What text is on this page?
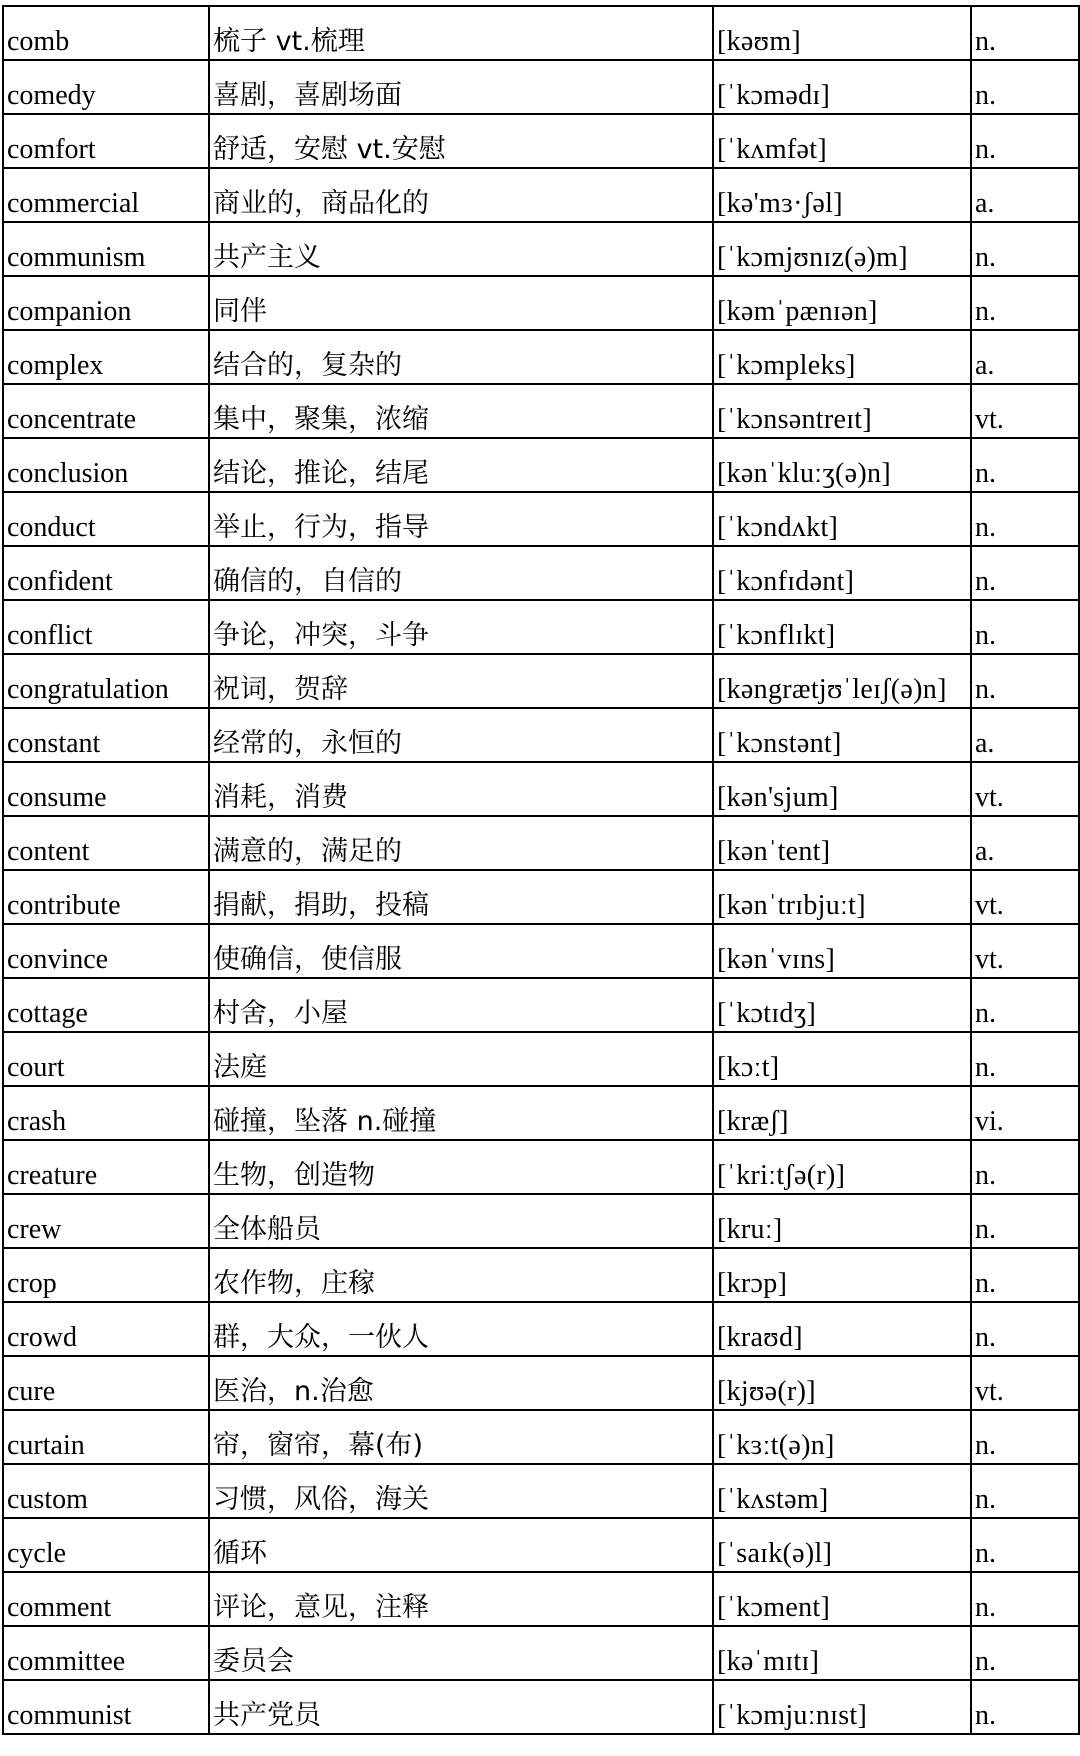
comb	梳子 vt.梳理	[kəʊm]	n.
comedy	喜剧，喜剧场面	[ˈkɔmədɪ]	n.
comfort	舒适，安慰 vt.安慰	[ˈkʌmfət]	n.
commercial	商业的，商品化的	[kə'mɜ·ʃəl]	a.
communism	共产主义	[ˈkɔmjʊnɪz(ə)m]	n.
companion	同伴	[kəmˈpænɪən]	n.
complex	结合的，复杂的	[ˈkɔmpleks]	a.
concentrate	集中，聚集，浓缩	[ˈkɔnsəntreɪt]	vt.
conclusion	结论，推论，结尾	[kənˈkluːʒ(ə)n]	n.
conduct	举止，行为，指导	[ˈkɔndʌkt]	n.
confident	确信的，自信的	[ˈkɔnfɪdənt]	n.
conflict	争论，冲突，斗争	[ˈkɔnflɪkt]	n.
congratulation	祝词，贺辞	[kəngrætjʊˈleɪʃ(ə)n]	n.
constant	经常的，永恒的	[ˈkɔnstənt]	a.
consume	消耗，消费	[kən'sjum]	vt.
content	满意的，满足的	[kənˈtent]	a.
contribute	捐献，捐助，投稿	[kənˈtrɪbjuːt]	vt.
convince	使确信，使信服	[kənˈvɪns]	vt.
cottage	村舍，小屋	[ˈkɔtɪdʒ]	n.
court	法庭	[kɔːt]	n.
crash	碰撞，坠落 n.碰撞	[kræʃ]	vi.
creature	生物，创造物	[ˈkriːtʃə(r)]	n.
crew	全体船员	[kruː]	n.
crop	农作物，庄稼	[krɔp]	n.
crowd	群，大众，一伙人	[kraʊd]	n.
cure	医治，n.治愈	[kjʊə(r)]	vt.
curtain	帘，窗帘，幕(布)	[ˈkɜːt(ə)n]	n.
custom	习惯，风俗，海关	[ˈkʌstəm]	n.
cycle	循环	[ˈsaɪk(ə)l]	n.
comment	评论，意见，注释	[ˈkɔment]	n.
committee	委员会	[kəˈmɪtɪ]	n.
communist	共产党员	[ˈkɔmjuːnɪst]	n.
